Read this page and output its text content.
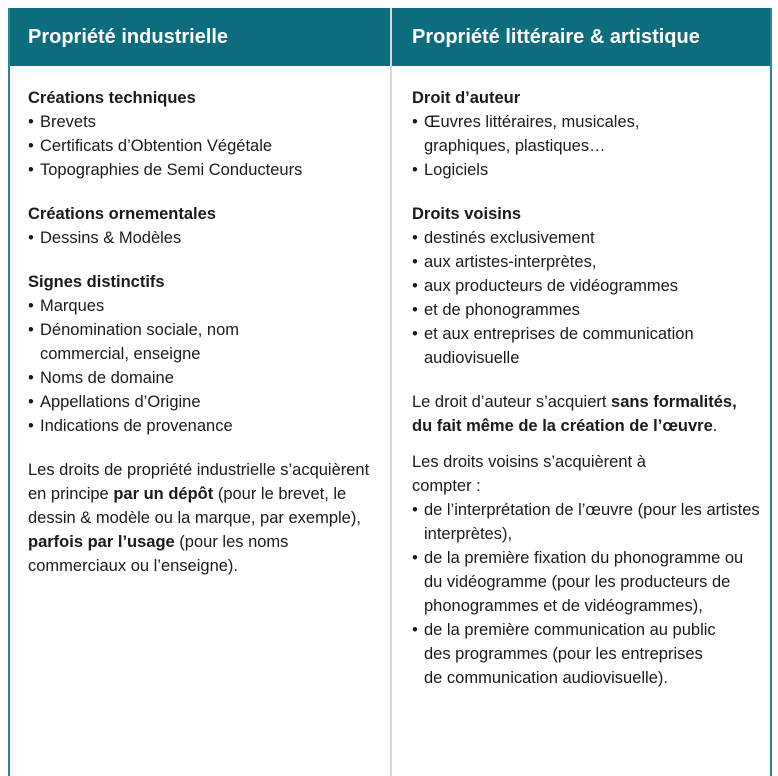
Propriété industrielle
Créations techniques
• Brevets
• Certificats d’Obtention Végétale
• Topographies de Semi Conducteurs
Créations ornementales
• Dessins & Modèles
Signes distinctifs
• Marques
• Dénomination sociale, nom commercial, enseigne
• Noms de domaine
• Appellations d’Origine
• Indications de provenance

Les droits de propriété industrielle s’acquièrent en principe par un dépôt (pour le brevet, le dessin & modèle ou la marque, par exemple), parfois par l’usage (pour les noms commerciaux ou l’enseigne).

Propriété littéraire & artistique
Droit d’auteur
• Œuvres littéraires, musicales, graphiques, plastiques…
• Logiciels
Droits voisins
• destinés exclusivement
• aux artistes-interprètes,
• aux producteurs de vidéogrammes
• et de phonogrammes
• et aux entreprises de communication audiovisuelle

Le droit d’auteur s’acquiert sans formalités, du fait même de la création de l’œuvre.

Les droits voisins s’acquièrent à compter :

• de l’interprétation de l’œuvre (pour les artistes interprètes),
• de la première fixation du phonogramme ou du vidéogramme (pour les producteurs de phonogrammes et de vidéogrammes),
• de la première communication au public des programmes (pour les entreprises de communication audiovisuelle).
